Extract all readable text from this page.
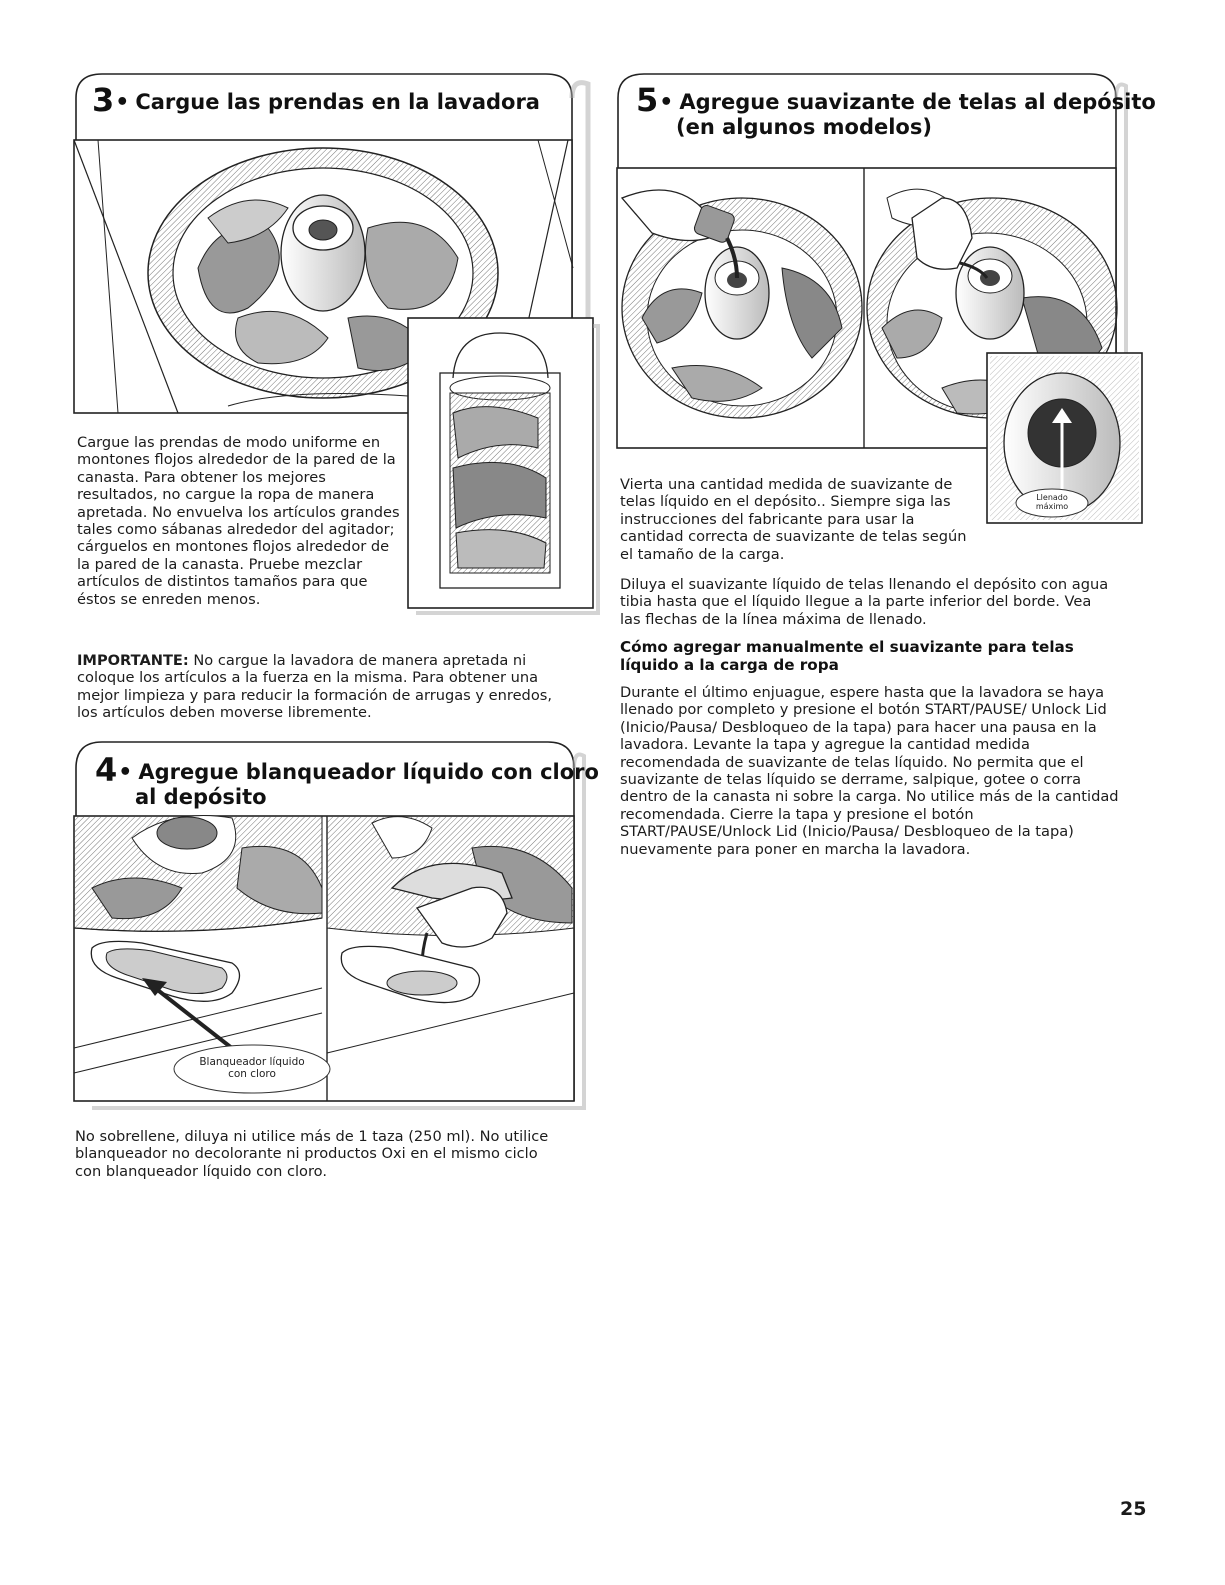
3• Cargue las prendas en la lavadora
Cargue las prendas de modo uniforme en montones flojos alrededor de la pared de la canasta. Para obtener los mejores resultados, no cargue la ropa de manera apretada. No envuelva los artículos grandes tales como sábanas alrededor del agitador; cárguelos en montones flojos alrededor de la pared de la canasta. Pruebe mezclar artículos de distintos tamaños para que éstos se enreden menos.
IMPORTANTE: No cargue la lavadora de manera apretada ni coloque los artículos a la fuerza en la misma. Para obtener una mejor limpieza y para reducir la formación de arrugas y enredos, los artículos deben moverse libremente.
4• Agregue blanqueador líquido con cloro
al depósito
Blanqueador líquido con cloro
No sobrellene, diluya ni utilice más de 1 taza (250 ml). No utilice blanqueador no decolorante ni productos Oxi en el mismo ciclo con blanqueador líquido con cloro.
5• Agregue suavizante de telas al depósito
(en algunos modelos)
Llenado máximo
Vierta una cantidad medida de suavizante de telas líquido en el depósito.. Siempre siga las instrucciones del fabricante para usar la cantidad correcta de suavizante de telas según el tamaño de la carga.
Diluya el suavizante líquido de telas llenando el depósito con agua tibia hasta que el líquido llegue a la parte inferior del borde. Vea las flechas de la línea máxima de llenado.
Cómo agregar manualmente el suavizante para telas líquido a la carga de ropa
Durante el último enjuague, espere hasta que la lavadora se haya llenado por completo y presione el botón START/PAUSE/ Unlock Lid (Inicio/Pausa/ Desbloqueo de la tapa) para hacer una pausa en la lavadora. Levante la tapa y agregue la cantidad medida recomendada de suavizante de telas líquido. No permita que el suavizante de telas líquido se derrame, salpique, gotee o corra dentro de la canasta ni sobre la carga. No utilice más de la cantidad recomendada. Cierre la tapa y presione el botón START/PAUSE/Unlock Lid (Inicio/Pausa/ Desbloqueo de la tapa) nuevamente para poner en marcha la lavadora.
25
